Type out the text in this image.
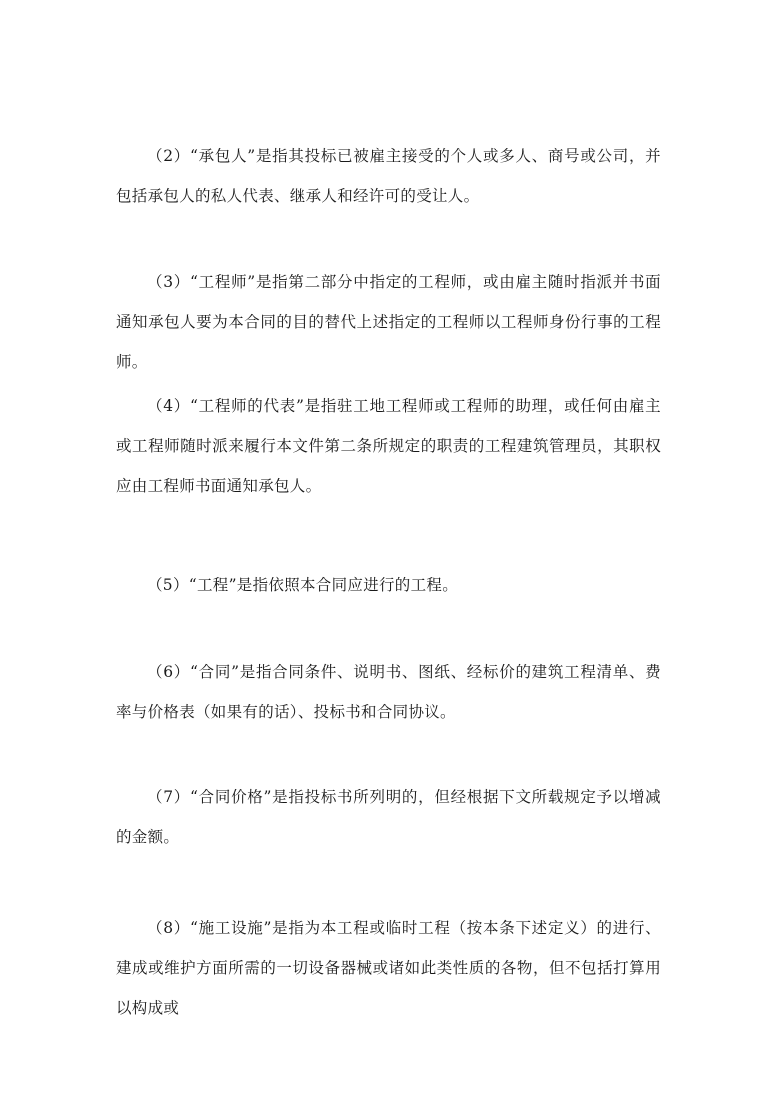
（2）“承包人”是指其投标已被雇主接受的个人或多人、商号或公司，并包括承包人的私人代表、继承人和经许可的受让人。

（3）“工程师”是指第二部分中指定的工程师，或由雇主随时指派并书面通知承包人要为本合同的目的替代上述指定的工程师以工程师身份行事的工程师。

（4）“工程师的代表”是指驻工地工程师或工程师的助理，或任何由雇主或工程师随时派来履行本文件第二条所规定的职责的工程建筑管理员，其职权应由工程师书面通知承包人。

（5）“工程”是指依照本合同应进行的工程。

（6）“合同”是指合同条件、说明书、图纸、经标价的建筑工程清单、费率与价格表（如果有的话）、投标书和合同协议。

（7）“合同价格”是指投标书所列明的，但经根据下文所载规定予以增减的金额。

（8）“施工设施”是指为本工程或临时工程（按本条下述定义）的进行、建成或维护方面所需的一切设备器械或诸如此类性质的各物，但不包括打算用以构成或
